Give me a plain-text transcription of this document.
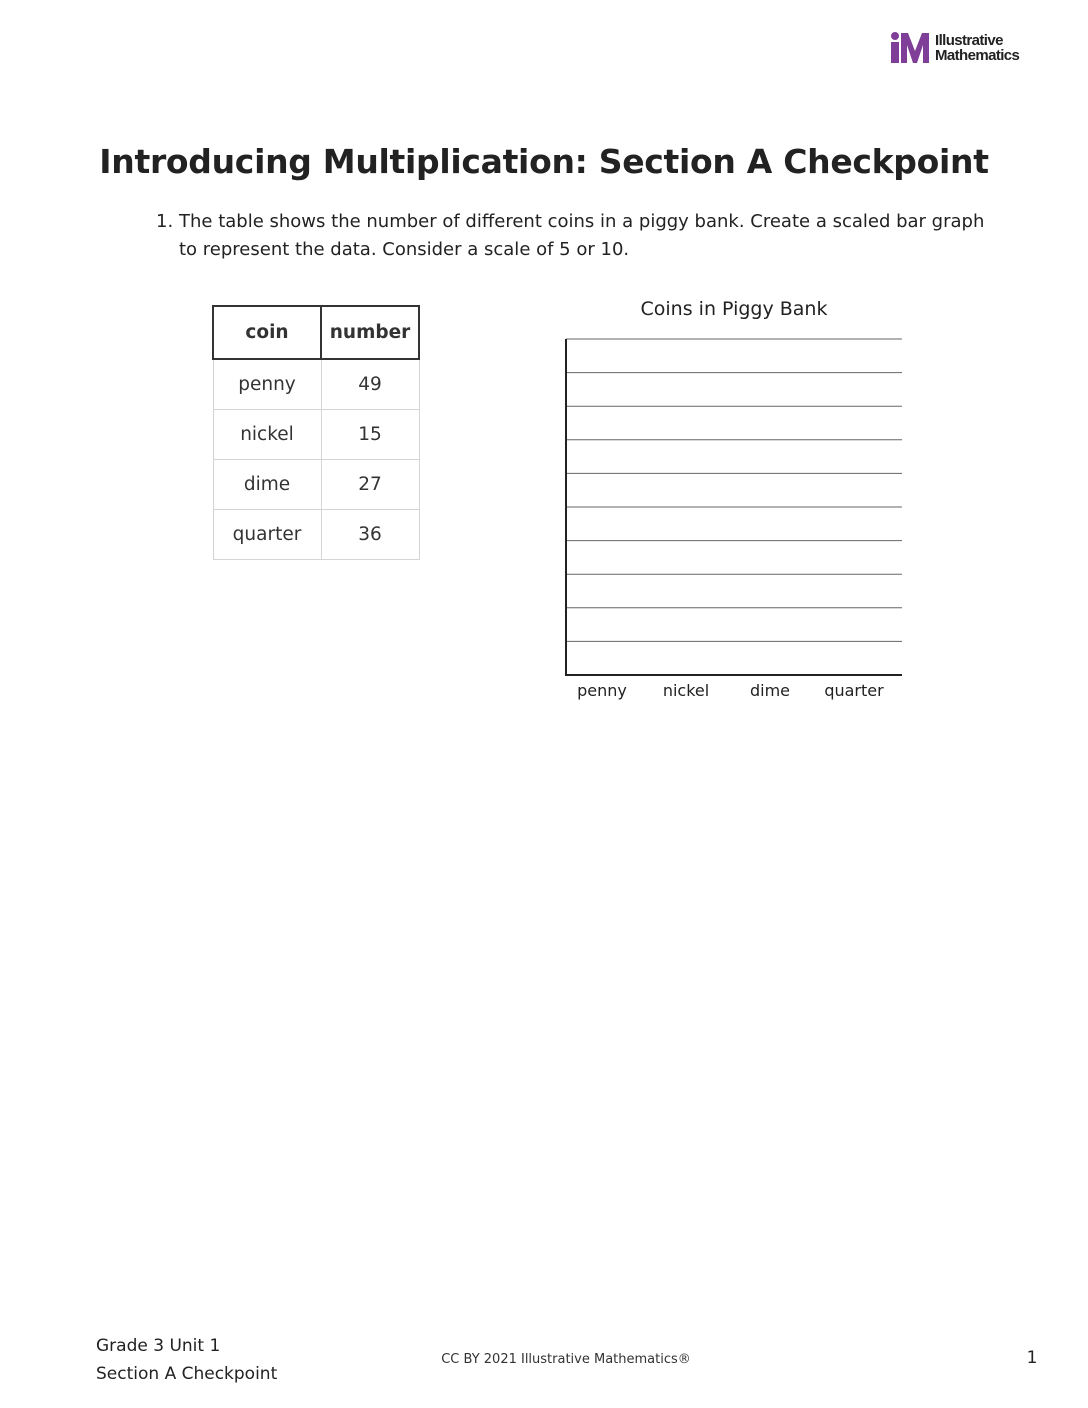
Illustrative
Mathematics
Introducing Multiplication: Section A Checkpoint
1. The table shows the number of different coins in a piggy bank. Create a scaled bar graph to represent the data. Consider a scale of 5 or 10.
coin	number
penny	49
nickel	15
dime	27
quarter	36
Coins in Piggy Bank
penny nickel	dime quarter
Grade 3 Unit 1
Section A Checkpoint
CC BY 2021 Illustrative Mathematics®	1
